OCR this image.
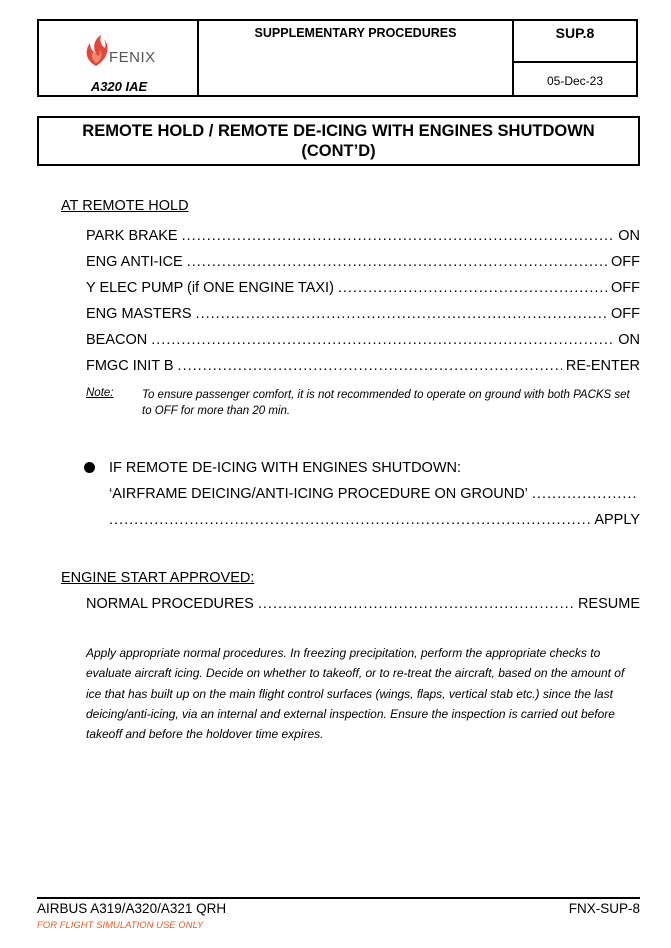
FENIX
A320 IAE
SUPPLEMENTARY PROCEDURES	SUP.8
05-Dec-23
REMOTE HOLD / REMOTE DE-ICING WITH ENGINES SHUTDOWN
(CONT’D)
AT REMOTE HOLD
PARK BRAKE .....	ON
ENG ANTI-ICE .....	OFF
Y ELEC PUMP (if ONE ENGINE TAXI) .....	OFF
ENG MASTERS .....	OFF
BEACON .....	ON
FMGC INIT B .....	RE-ENTER
Note: To ensure passenger comfort, it is not recommended to operate on ground with both PACKS set to OFF for more than 20 min.
IF REMOTE DE-ICING WITH ENGINES SHUTDOWN:
‘AIRFRAME DEICING/ANTI-ICING PROCEDURE ON GROUND’
.....
.....
APPLY
ENGINE START APPROVED:
NORMAL PROCEDURES .....	RESUME
Apply appropriate normal procedures. In freezing precipitation, perform the appropriate checks to evaluate aircraft icing. Decide on whether to takeoff, or to re-treat the aircraft, based on the amount of ice that has built up on the main flight control surfaces (wings, flaps, vertical stab etc.) since the last deicing/anti-icing, via an internal and external inspection. Ensure the inspection is carried out before takeoff and before the holdover time expires.
AIRBUS A319/A320/A321 QRH	FNX-SUP-8
FOR FLIGHT SIMULATION USE ONLY
